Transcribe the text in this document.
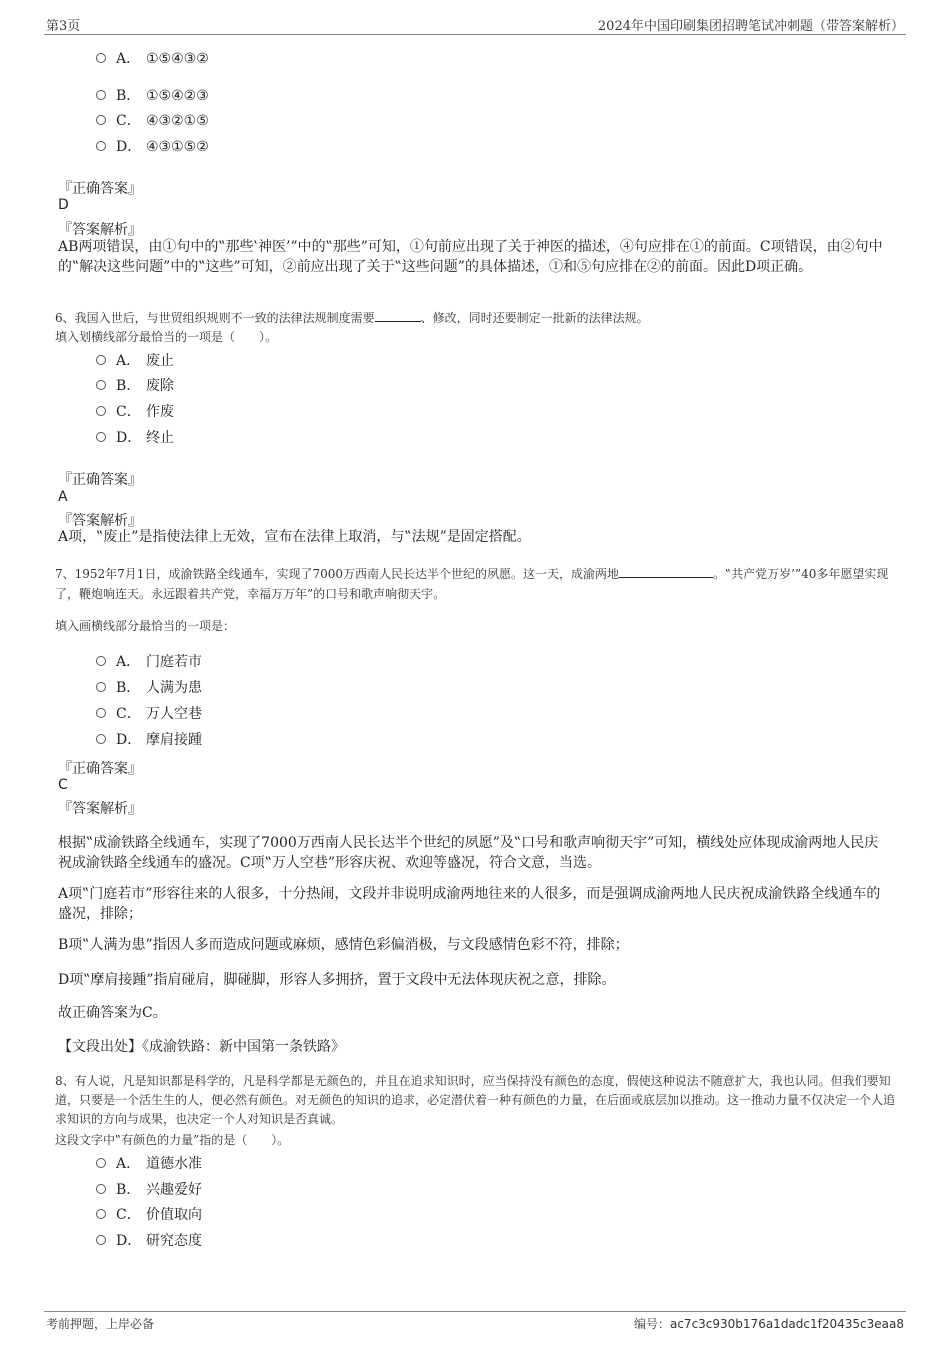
第3页	2024年中国印刷集团招聘笔试冲刺题（带答案解析）
A． ①⑤④③②
B． ①⑤④②③
C． ④③②①⑤
D． ④③①⑤②
『正确答案』
D
『答案解析』
AB两项错误，由①句中的‟那些‛神医’”中的‟那些”可知，①句前应出现了关于神医的描述，④句应排在①的前面。C项错误，由②句中的‟解决这些问题”中的‟这些”可知，②前应出现了关于‟这些问题”的具体描述，①和⑤句应排在②的前面。因此D项正确。
6、我国入世后，与世贸组织规则不一致的法律法规制度需要	、修改，同时还要制定一批新的法律法规。
填入划横线部分最恰当的一项是（　　）。
A． 废止
B． 废除
C． 作废
D． 终止
『正确答案』
A
『答案解析』
A项，‟废止”是指使法律上无效，宣布在法律上取消，与‟法规”是固定搭配。
7、1952年7月1日，成渝铁路全线通车，实现了7000万西南人民长达半个世纪的夙愿。这一天，成渝两地	。‟共产党万岁’”40多年愿望实现了，鞭炮响连天。永远跟着共产党，幸福万万年”的口号和歌声响彻天宇。
填入画横线部分最恰当的一项是：
A． 门庭若市
B． 人满为患
C． 万人空巷
D． 摩肩接踵
『正确答案』
C
『答案解析』
根据‟成渝铁路全线通车，实现了7000万西南人民长达半个世纪的夙愿”及‟口号和歌声响彻天宇”可知，横线处应体现成渝两地人民庆祝成渝铁路全线通车的盛况。C项‟万人空巷”形容庆祝、欢迎等盛况，符合文意，当选。
A项‟门庭若市”形容往来的人很多，十分热闹，文段并非说明成渝两地往来的人很多，而是强调成渝两地人民庆祝成渝铁路全线通车的盛况，排除；
B项‟人满为患”指因人多而造成问题或麻烦，感情色彩偏消极，与文段感情色彩不符，排除；
D项‟摩肩接踵”指肩碰肩，脚碰脚，形容人多拥挤，置于文段中无法体现庆祝之意，排除。
故正确答案为C。
【文段出处】《成渝铁路：新中国第一条铁路》
8、有人说，凡是知识都是科学的，凡是科学都是无颜色的，并且在追求知识时，应当保持没有颜色的态度，假使这种说法不随意扩大，我也认同。但我们要知道，只要是一个活生生的人，便必然有颜色。对无颜色的知识的追求，必定潜伏着一种有颜色的力量，在后面或底层加以推动。这一推动力量不仅决定一个人追求知识的方向与成果，也决定一个人对知识是否真诚。
这段文字中‟有颜色的力量”指的是（　　）。
A． 道德水准
B． 兴趣爱好
C． 价值取向
D． 研究态度
考前押题，上岸必备	编号：ac7c3c930b176a1dadc1f20435c3eaa8
